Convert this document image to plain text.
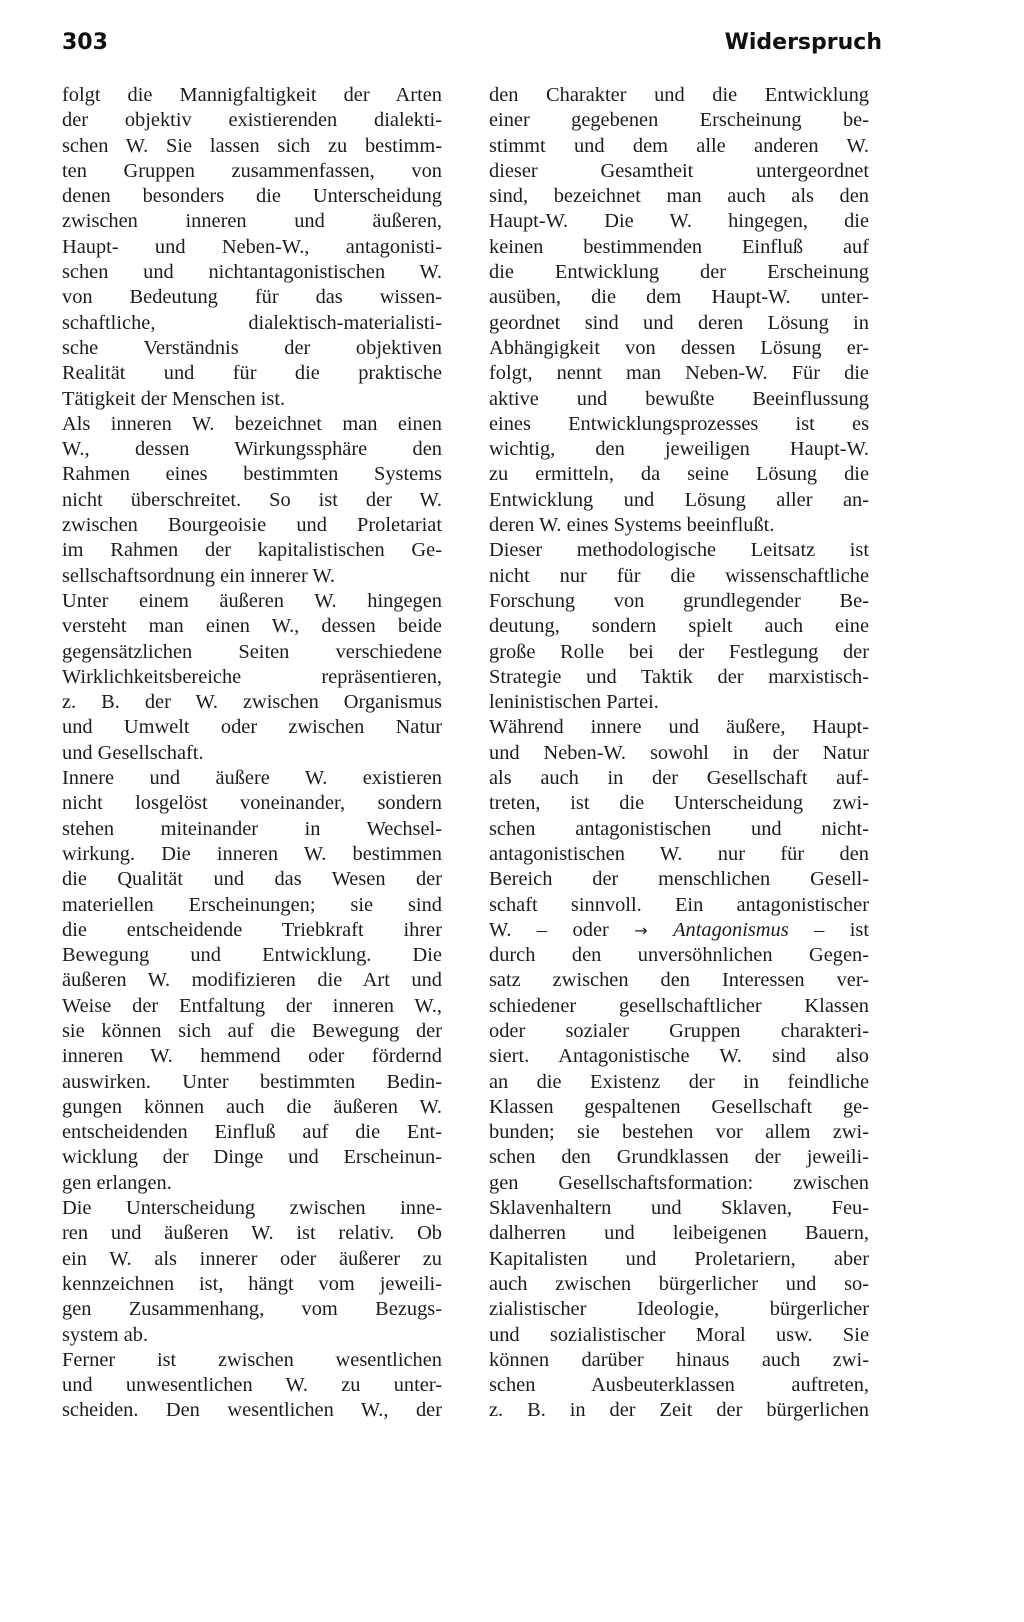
303	Widerspruch
folgt die Mannigfaltigkeit der Arten
der objektiv existierenden dialekti-
schen W. Sie lassen sich zu bestimm-
ten Gruppen zusammenfassen, von
denen besonders die Unterscheidung
zwischen inneren und äußeren,
Haupt- und Neben-W., antagonisti-
schen und nichtantagonistischen W.
von Bedeutung für das wissen-
schaftliche, dialektisch-materialisti-
sche Verständnis der objektiven
Realität und für die praktische
Tätigkeit der Menschen ist.
Als inneren W. bezeichnet man einen
W., dessen Wirkungssphäre den
Rahmen eines bestimmten Systems
nicht überschreitet. So ist der W.
zwischen Bourgeoisie und Proletariat
im Rahmen der kapitalistischen Ge-
sellschaftsordnung ein innerer W.
Unter einem äußeren W. hingegen
versteht man einen W., dessen beide
gegensätzlichen Seiten verschiedene
Wirklichkeitsbereiche repräsentieren,
z. B. der W. zwischen Organismus
und Umwelt oder zwischen Natur
und Gesellschaft.
Innere und äußere W. existieren
nicht losgelöst voneinander, sondern
stehen miteinander in Wechsel-
wirkung. Die inneren W. bestimmen
die Qualität und das Wesen der
materiellen Erscheinungen; sie sind
die entscheidende Triebkraft ihrer
Bewegung und Entwicklung. Die
äußeren W. modifizieren die Art und
Weise der Entfaltung der inneren W.,
sie können sich auf die Bewegung der
inneren W. hemmend oder fördernd
auswirken. Unter bestimmten Bedin-
gungen können auch die äußeren W.
entscheidenden Einfluß auf die Ent-
wicklung der Dinge und Erscheinun-
gen erlangen.
Die Unterscheidung zwischen inne-
ren und äußeren W. ist relativ. Ob
ein W. als innerer oder äußerer zu
kennzeichnen ist, hängt vom jeweili-
gen Zusammenhang, vom Bezugs-
system ab.
Ferner ist zwischen wesentlichen
und unwesentlichen W. zu unter-
scheiden. Den wesentlichen W., der
den Charakter und die Entwicklung
einer gegebenen Erscheinung be-
stimmt und dem alle anderen W.
dieser Gesamtheit untergeordnet
sind, bezeichnet man auch als den
Haupt-W. Die W. hingegen, die
keinen bestimmenden Einfluß auf
die Entwicklung der Erscheinung
ausüben, die dem Haupt-W. unter-
geordnet sind und deren Lösung in
Abhängigkeit von dessen Lösung er-
folgt, nennt man Neben-W. Für die
aktive und bewußte Beeinflussung
eines Entwicklungsprozesses ist es
wichtig, den jeweiligen Haupt-W.
zu ermitteln, da seine Lösung die
Entwicklung und Lösung aller an-
deren W. eines Systems beeinflußt.
Dieser methodologische Leitsatz ist
nicht nur für die wissenschaftliche
Forschung von grundlegender Be-
deutung, sondern spielt auch eine
große Rolle bei der Festlegung der
Strategie und Taktik der marxistisch-
leninistischen Partei.
Während innere und äußere, Haupt-
und Neben-W. sowohl in der Natur
als auch in der Gesellschaft auf-
treten, ist die Unterscheidung zwi-
schen antagonistischen und nicht-
antagonistischen W. nur für den
Bereich der menschlichen Gesell-
schaft sinnvoll. Ein antagonistischer
W. – oder → Antagonismus – ist
durch den unversöhnlichen Gegen-
satz zwischen den Interessen ver-
schiedener gesellschaftlicher Klassen
oder sozialer Gruppen charakteri-
siert. Antagonistische W. sind also
an die Existenz der in feindliche
Klassen gespaltenen Gesellschaft ge-
bunden; sie bestehen vor allem zwi-
schen den Grundklassen der jeweili-
gen Gesellschaftsformation: zwischen
Sklavenhaltern und Sklaven, Feu-
dalherren und leibeigenen Bauern,
Kapitalisten und Proletariern, aber
auch zwischen bürgerlicher und so-
zialistischer Ideologie, bürgerlicher
und sozialistischer Moral usw. Sie
können darüber hinaus auch zwi-
schen Ausbeuterklassen auftreten,
z. B. in der Zeit der bürgerlichen
